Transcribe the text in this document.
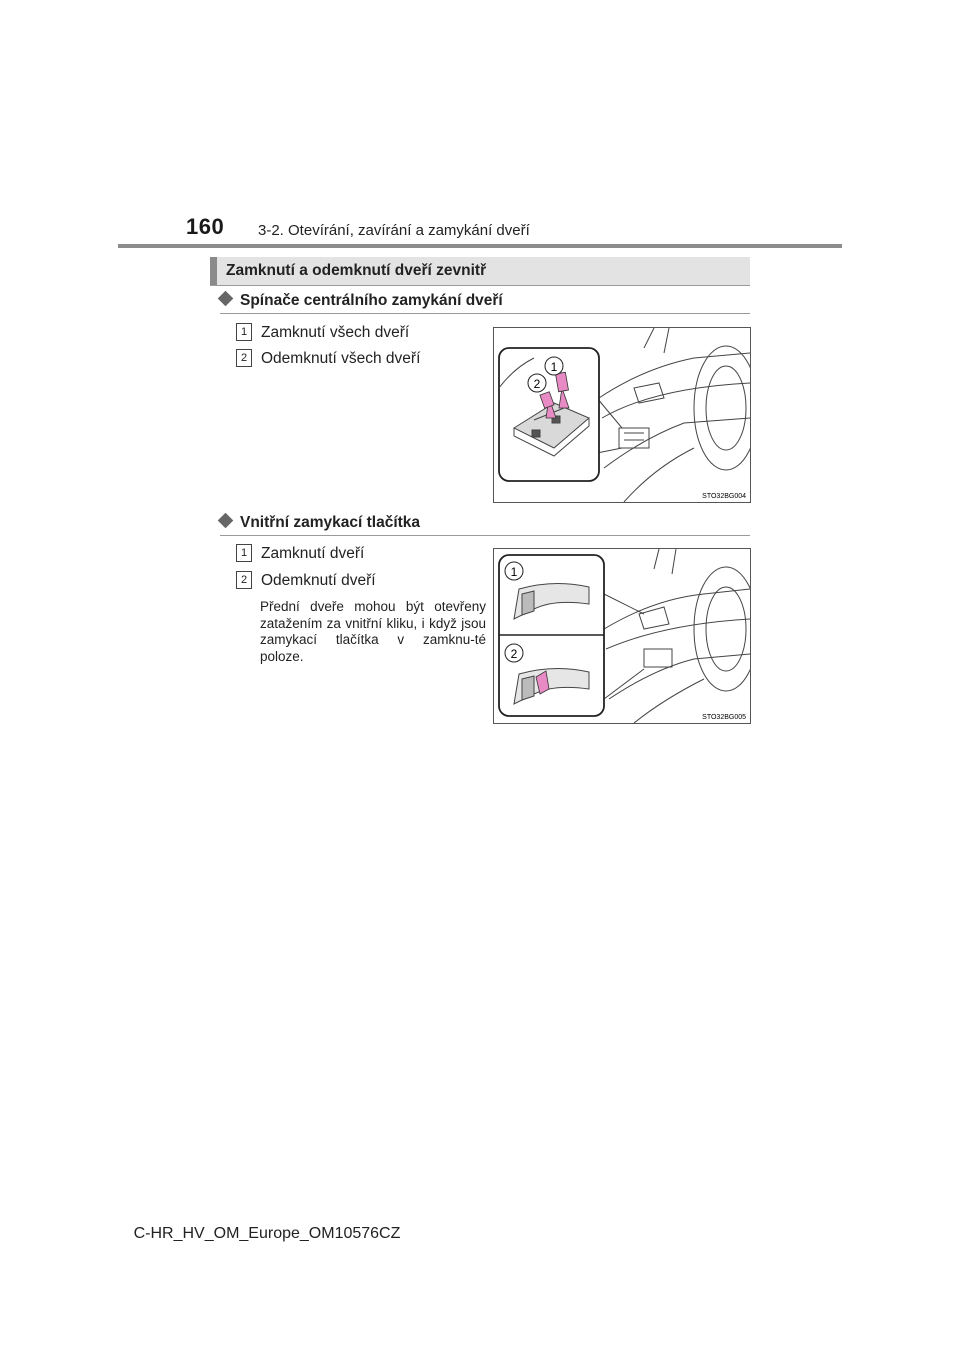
160 3-2. Otevírání, zavírání a zamykání dveří
Zamknutí a odemknutí dveří zevnitř
Spínače centrálního zamykání dveří
1 Zamknutí všech dveří
2 Odemknutí všech dveří
2
1
STO32BG004
Vnitřní zamykací tlačítka
1 Zamknutí dveří
2 Odemknutí dveří
Přední dveře mohou být otevřeny zatažením za vnitřní kliku, i když jsou zamykací tlačítka v zamknu-té poloze.
1
2
STO32BG005
C-HR_HV_OM_Europe_OM10576CZ
